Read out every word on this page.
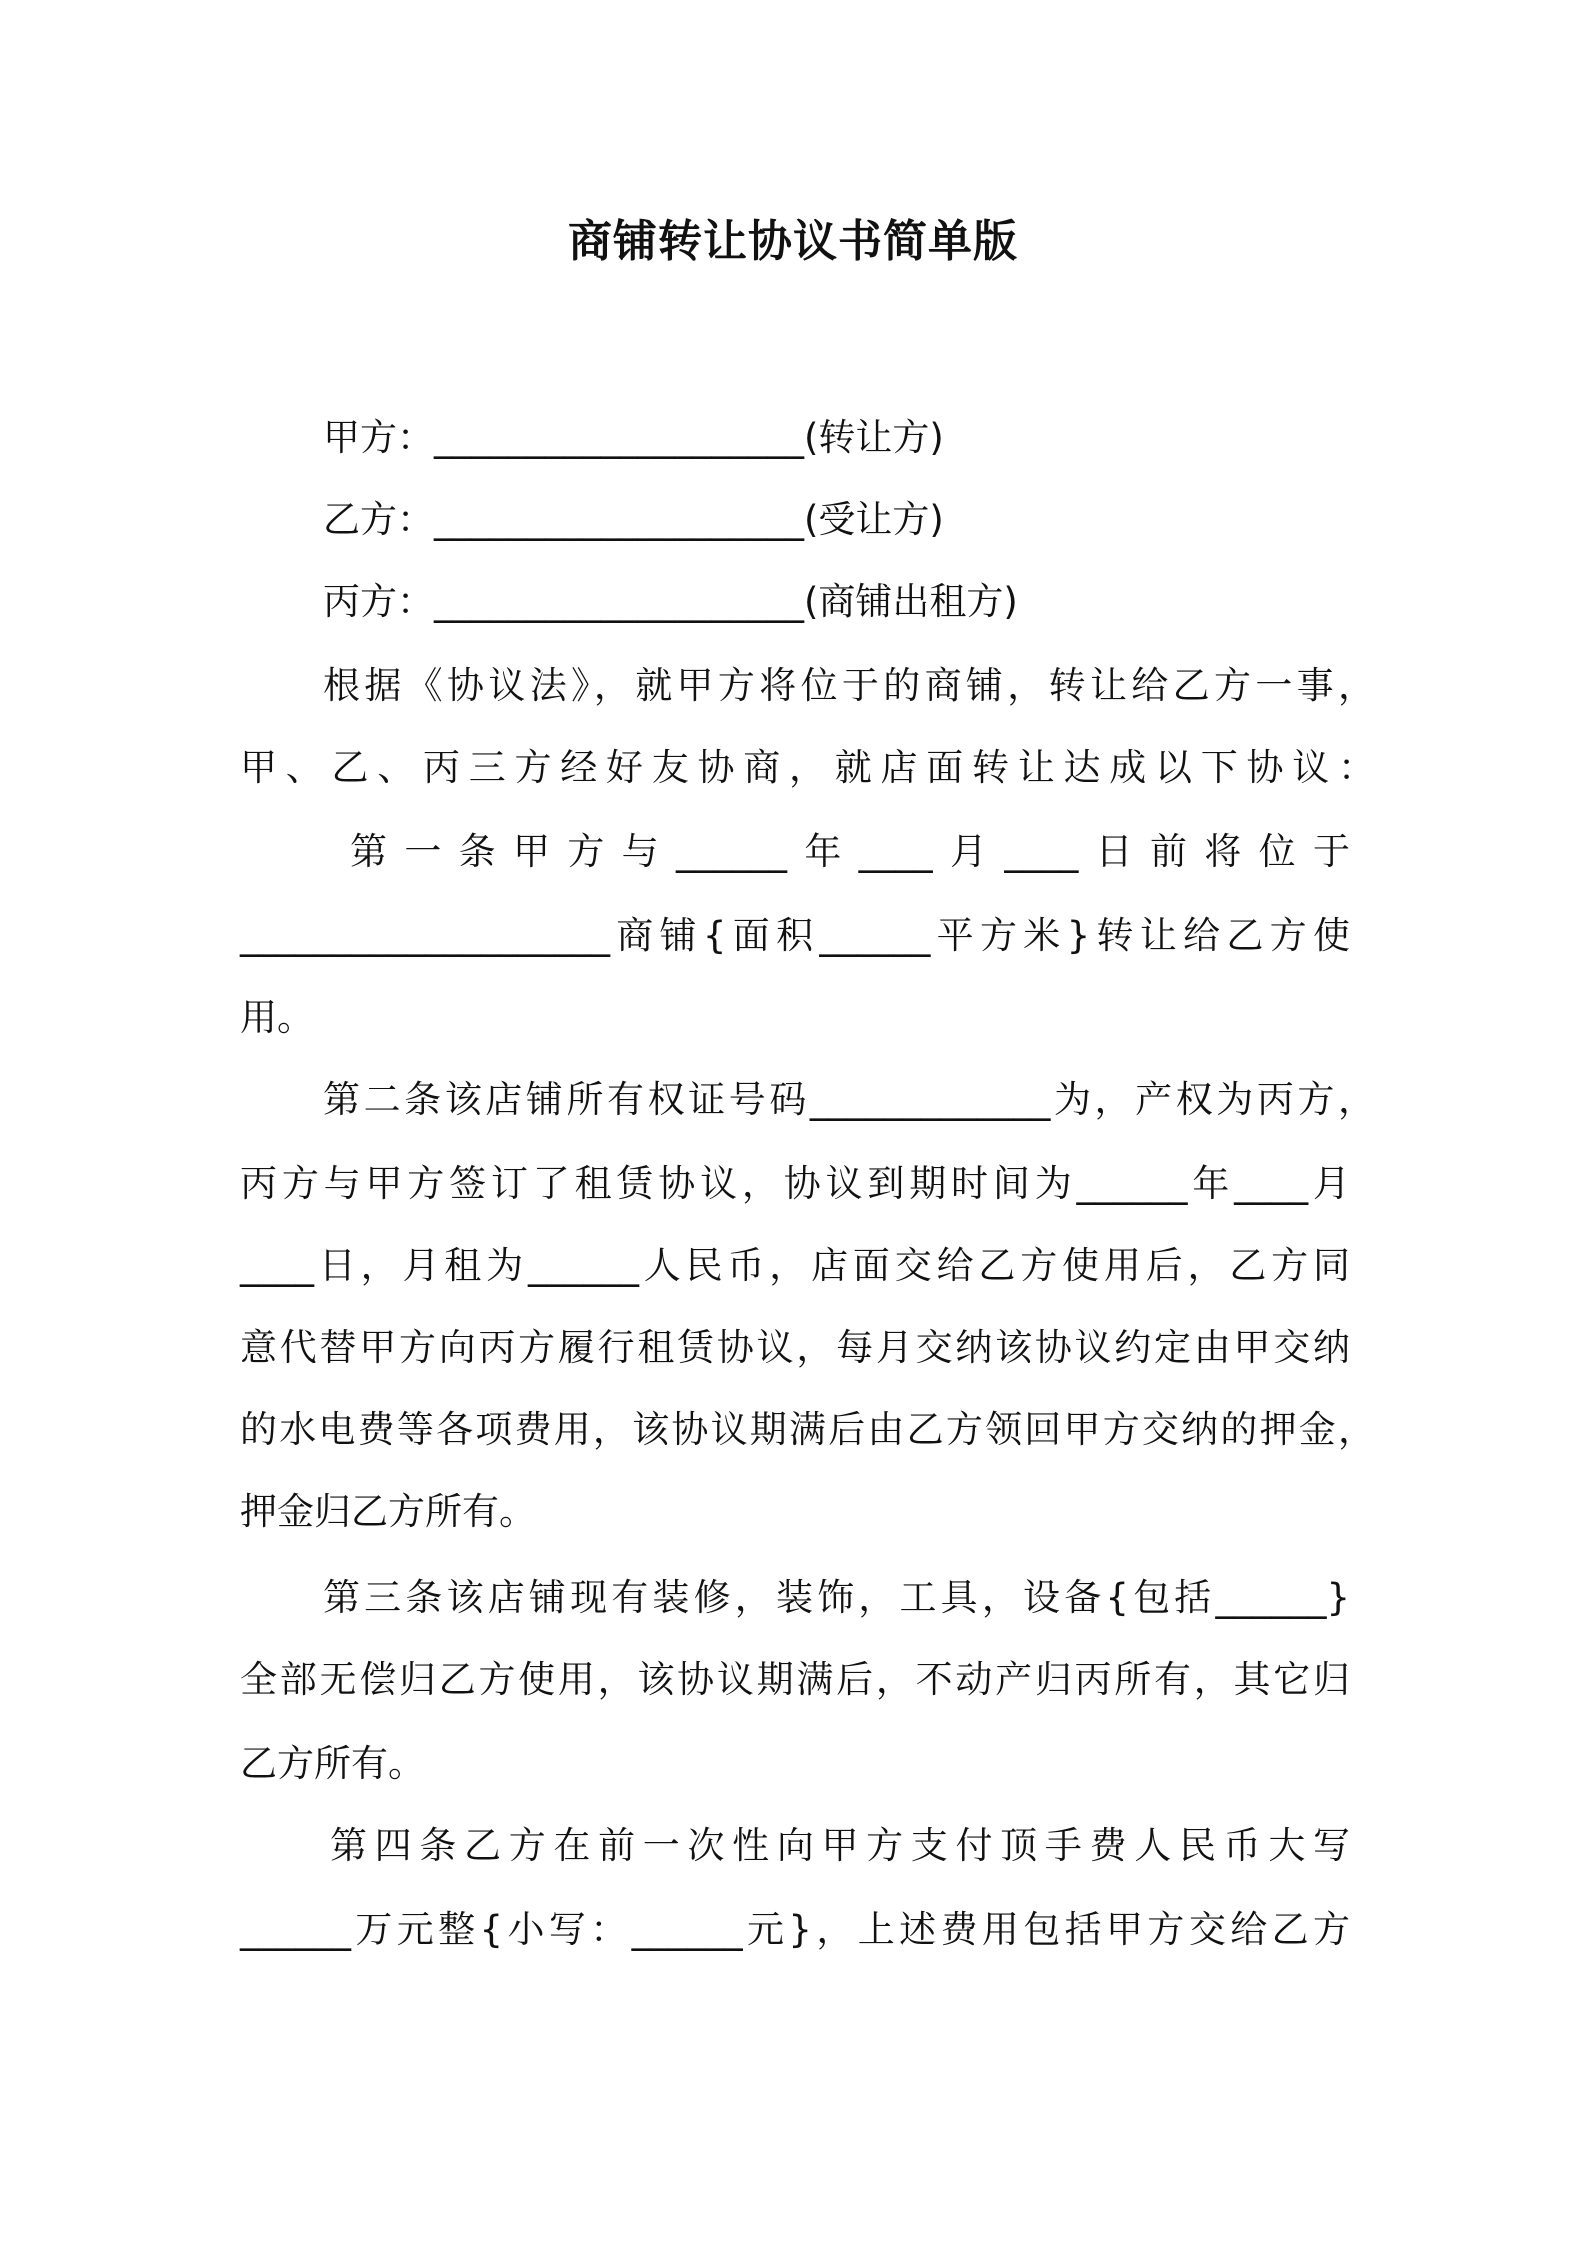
商铺转让协议书简单版
甲方：____________________(转让方)
乙方：____________________(受让方)
丙方：____________________(商铺出租方)
根据《协议法》，就甲方将位于的商铺，转让给乙方一事，
甲、乙、丙三方经好友协商，就店面转让达成以下协议：
第一条甲方与______年____月____日前将位于
____________________商铺{面积______平方米}转让给乙方使
用。
第二条该店铺所有权证号码_____________为，产权为丙方，
丙方与甲方签订了租赁协议，协议到期时间为______年____月
____日，月租为______人民币，店面交给乙方使用后，乙方同
意代替甲方向丙方履行租赁协议，每月交纳该协议约定由甲交纳
的水电费等各项费用，该协议期满后由乙方领回甲方交纳的押金，
押金归乙方所有。
第三条该店铺现有装修，装饰，工具，设备{包括______}
全部无偿归乙方使用，该协议期满后，不动产归丙所有，其它归
乙方所有。
第四条乙方在前一次性向甲方支付顶手费人民币大写
______万元整{小写：______元}，上述费用包括甲方交给乙方
